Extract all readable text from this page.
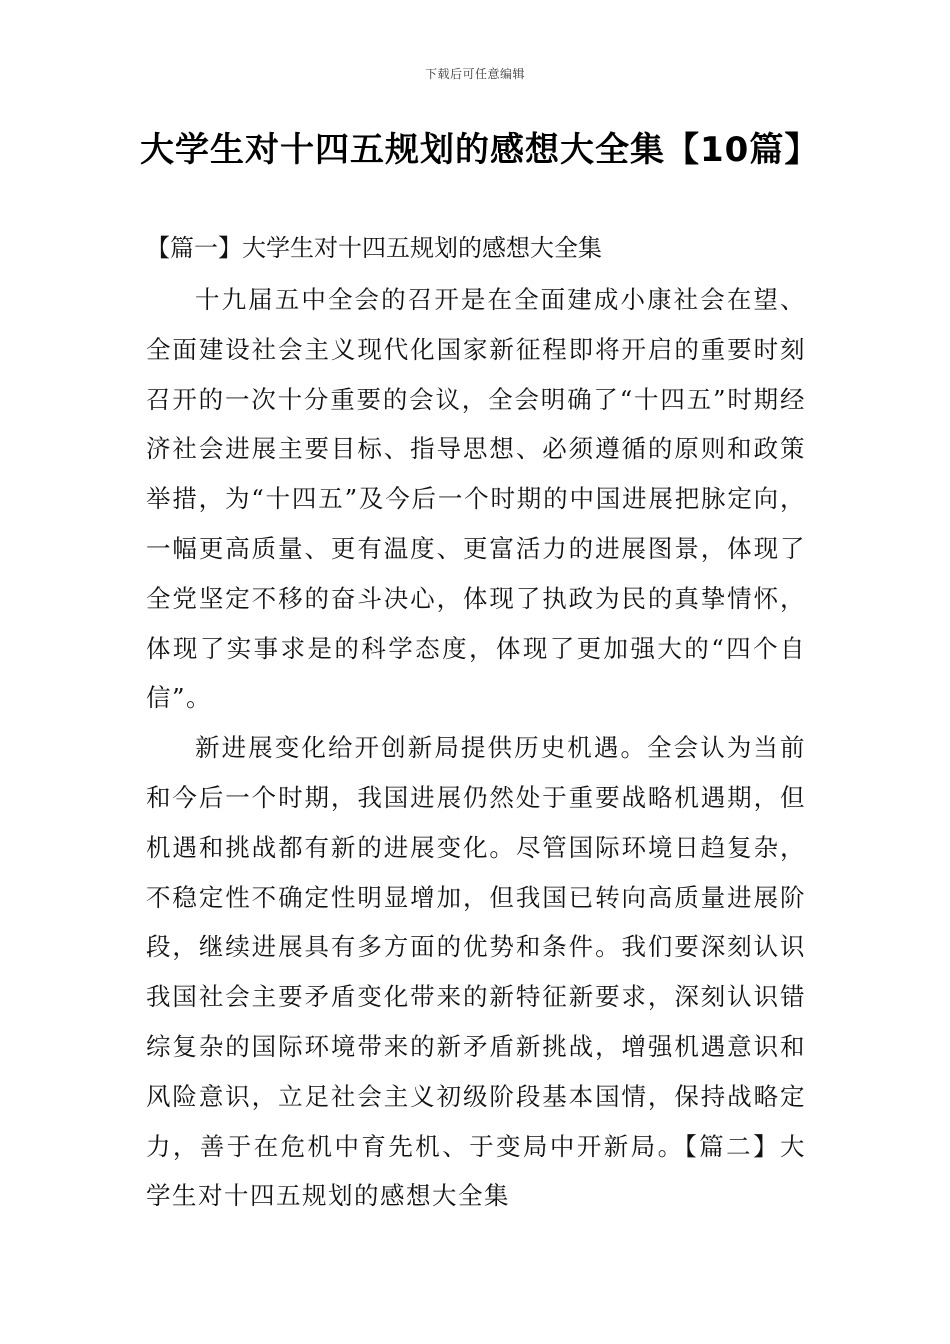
下载后可任意编辑
大学生对十四五规划的感想大全集【10篇】
【篇一】大学生对十四五规划的感想大全集

十九届五中全会的召开是在全面建成小康社会在望、全面建设社会主义现代化国家新征程即将开启的重要时刻召开的一次十分重要的会议，全会明确了“十四五”时期经济社会进展主要目标、指导思想、必须遵循的原则和政策举措，为“十四五”及今后一个时期的中国进展把脉定向，一幅更高质量、更有温度、更富活力的进展图景，体现了全党坚定不移的奋斗决心，体现了执政为民的真挚情怀，体现了实事求是的科学态度，体现了更加强大的“四个自信”。

新进展变化给开创新局提供历史机遇。全会认为当前和今后一个时期，我国进展仍然处于重要战略机遇期，但机遇和挑战都有新的进展变化。尽管国际环境日趋复杂，不稳定性不确定性明显增加，但我国已转向高质量进展阶段，继续进展具有多方面的优势和条件。我们要深刻认识我国社会主要矛盾变化带来的新特征新要求，深刻认识错综复杂的国际环境带来的新矛盾新挑战，增强机遇意识和风险意识，立足社会主义初级阶段基本国情，保持战略定力，善于在危机中育先机、于变局中开新局。【篇二】大学生对十四五规划的感想大全集
